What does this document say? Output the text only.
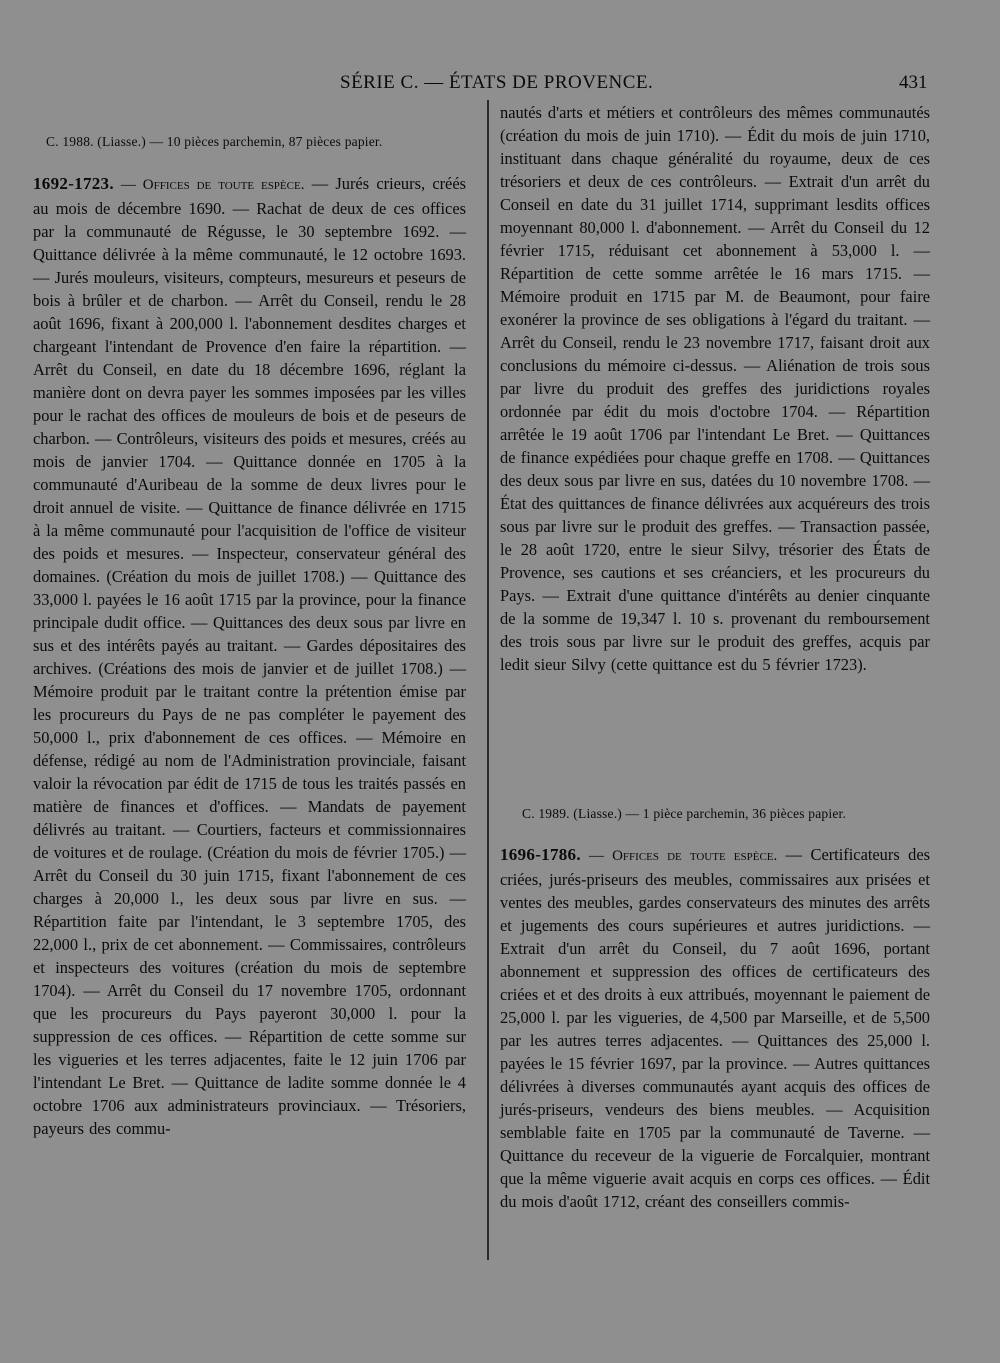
SÉRIE C. — ÉTATS DE PROVENCE.	431
C. 1988. (Liasse.) — 10 pièces parchemin, 87 pièces papier.

1692-1723. — Offices de toute espèce. — Jurés crieurs, créés au mois de décembre 1690. — Rachat de deux de ces offices par la communauté de Régusse, le 30 septembre 1692. — Quittance délivrée à la même communauté, le 12 octobre 1693. — Jurés mouleurs, visiteurs, compteurs, mesureurs et peseurs de bois à brûler et de charbon. — Arrêt du Conseil, rendu le 28 août 1696, fixant à 200,000 l. l'abonnement desdites charges et chargeant l'intendant de Provence d'en faire la répartition. — Arrêt du Conseil, en date du 18 décembre 1696, réglant la manière dont on devra payer les sommes imposées par les villes pour le rachat des offices de mouleurs de bois et de peseurs de charbon. — Contrôleurs, visiteurs des poids et mesures, créés au mois de janvier 1704. — Quittance donnée en 1705 à la communauté d'Auribeau de la somme de deux livres pour le droit annuel de visite. — Quittance de finance délivrée en 1715 à la même communauté pour l'acquisition de l'office de visiteur des poids et mesures. — Inspecteur, conservateur général des domaines. (Création du mois de juillet 1708.) — Quittance des 33,000 l. payées le 16 août 1715 par la province, pour la finance principale dudit office. — Quittances des deux sous par livre en sus et des intérêts payés au traitant. — Gardes dépositaires des archives. (Créations des mois de janvier et de juillet 1708.) — Mémoire produit par le traitant contre la prétention émise par les procureurs du Pays de ne pas compléter le payement des 50,000 l., prix d'abonnement de ces offices. — Mémoire en défense, rédigé au nom de l'Administration provinciale, faisant valoir la révocation par édit de 1715 de tous les traités passés en matière de finances et d'offices. — Mandats de payement délivrés au traitant. — Courtiers, facteurs et commissionnaires de voitures et de roulage. (Création du mois de février 1705.) — Arrêt du Conseil du 30 juin 1715, fixant l'abonnement de ces charges à 20,000 l., les deux sous par livre en sus. — Répartition faite par l'intendant, le 3 septembre 1705, des 22,000 l., prix de cet abonnement. — Commissaires, contrôleurs et inspecteurs des voitures (création du mois de septembre 1704). — Arrêt du Conseil du 17 novembre 1705, ordonnant que les procureurs du Pays payeront 30,000 l. pour la suppression de ces offices. — Répartition de cette somme sur les vigueries et les terres adjacentes, faite le 12 juin 1706 par l'intendant Le Bret. — Quittance de ladite somme donnée le 4 octobre 1706 aux administrateurs provinciaux. — Trésoriers, payeurs des commu-

nautés d'arts et métiers et contrôleurs des mêmes communautés (création du mois de juin 1710). — Édit du mois de juin 1710, instituant dans chaque généralité du royaume, deux de ces trésoriers et deux de ces contrôleurs. — Extrait d'un arrêt du Conseil en date du 31 juillet 1714, supprimant lesdits offices moyennant 80,000 l. d'abonnement. — Arrêt du Conseil du 12 février 1715, réduisant cet abonnement à 53,000 l. — Répartition de cette somme arrêtée le 16 mars 1715. — Mémoire produit en 1715 par M. de Beaumont, pour faire exonérer la province de ses obligations à l'égard du traitant. — Arrêt du Conseil, rendu le 23 novembre 1717, faisant droit aux conclusions du mémoire ci-dessus. — Aliénation de trois sous par livre du produit des greffes des juridictions royales ordonnée par édit du mois d'octobre 1704. — Répartition arrêtée le 19 août 1706 par l'intendant Le Bret. — Quittances de finance expédiées pour chaque greffe en 1708. — Quittances des deux sous par livre en sus, datées du 10 novembre 1708. — État des quittances de finance délivrées aux acquéreurs des trois sous par livre sur le produit des greffes. — Transaction passée, le 28 août 1720, entre le sieur Silvy, trésorier des États de Provence, ses cautions et ses créanciers, et les procureurs du Pays. — Extrait d'une quittance d'intérêts au denier cinquante de la somme de 19,347 l. 10 s. provenant du remboursement des trois sous par livre sur le produit des greffes, acquis par ledit sieur Silvy (cette quittance est du 5 février 1723).

C. 1989. (Liasse.) — 1 pièce parchemin, 36 pièces papier.

1696-1786. — Offices de toute espèce. — Certificateurs des criées, jurés-priseurs des meubles, commissaires aux prisées et ventes des meubles, gardes conservateurs des minutes des arrêts et jugements des cours supérieures et autres juridictions. — Extrait d'un arrêt du Conseil, du 7 août 1696, portant abonnement et suppression des offices de certificateurs des criées et et des droits à eux attribués, moyennant le paiement de 25,000 l. par les vigueries, de 4,500 par Marseille, et de 5,500 par les autres terres adjacentes. — Quittances des 25,000 l. payées le 15 février 1697, par la province. — Autres quittances délivrées à diverses communautés ayant acquis des offices de jurés-priseurs, vendeurs des biens meubles. — Acquisition semblable faite en 1705 par la communauté de Taverne. — Quittance du receveur de la viguerie de Forcalquier, montrant que la même viguerie avait acquis en corps ces offices. — Édit du mois d'août 1712, créant des conseillers commis-
